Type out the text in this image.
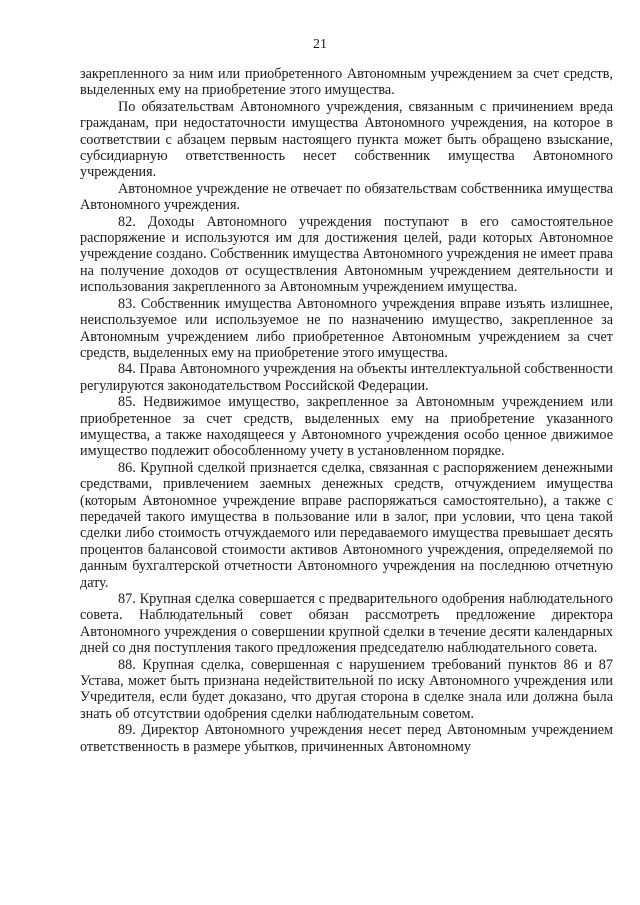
21

закрепленного за ним или приобретенного Автономным учреждением за счет средств, выделенных ему на приобретение этого имущества.

По обязательствам Автономного учреждения, связанным с причинением вреда гражданам, при недостаточности имущества Автономного учреждения, на которое в соответствии с абзацем первым настоящего пункта может быть обращено взыскание, субсидиарную ответственность несет собственник имущества Автономного учреждения.

Автономное учреждение не отвечает по обязательствам собственника имущества Автономного учреждения.

82. Доходы Автономного учреждения поступают в его самостоятельное распоряжение и используются им для достижения целей, ради которых Автономное учреждение создано. Собственник имущества Автономного учреждения не имеет права на получение доходов от осуществления Автономным учреждением деятельности и использования закрепленного за Автономным учреждением имущества.

83. Собственник имущества Автономного учреждения вправе изъять излишнее, неиспользуемое или используемое не по назначению имущество, закрепленное за Автономным учреждением либо приобретенное Автономным учреждением за счет средств, выделенных ему на приобретение этого имущества.

84. Права Автономного учреждения на объекты интеллектуальной собственности регулируются законодательством Российской Федерации.

85. Недвижимое имущество, закрепленное за Автономным учреждением или приобретенное за счет средств, выделенных ему на приобретение указанного имущества, а также находящееся у Автономного учреждения особо ценное движимое имущество подлежит обособленному учету в установленном порядке.

86. Крупной сделкой признается сделка, связанная с распоряжением денежными средствами, привлечением заемных денежных средств, отчуждением имущества (которым Автономное учреждение вправе распоряжаться самостоятельно), а также с передачей такого имущества в пользование или в залог, при условии, что цена такой сделки либо стоимость отчуждаемого или передаваемого имущества превышает десять процентов балансовой стоимости активов Автономного учреждения, определяемой по данным бухгалтерской отчетности Автономного учреждения на последнюю отчетную дату.

87. Крупная сделка совершается с предварительного одобрения наблюдательного совета. Наблюдательный совет обязан рассмотреть предложение директора Автономного учреждения о совершении крупной сделки в течение десяти календарных дней со дня поступления такого предложения председателю наблюдательного совета.

88. Крупная сделка, совершенная с нарушением требований пунктов 86 и 87 Устава, может быть признана недействительной по иску Автономного учреждения или Учредителя, если будет доказано, что другая сторона в сделке знала или должна была знать об отсутствии одобрения сделки наблюдательным советом.

89. Директор Автономного учреждения несет перед Автономным учреждением ответственность в размере убытков, причиненных Автономному
